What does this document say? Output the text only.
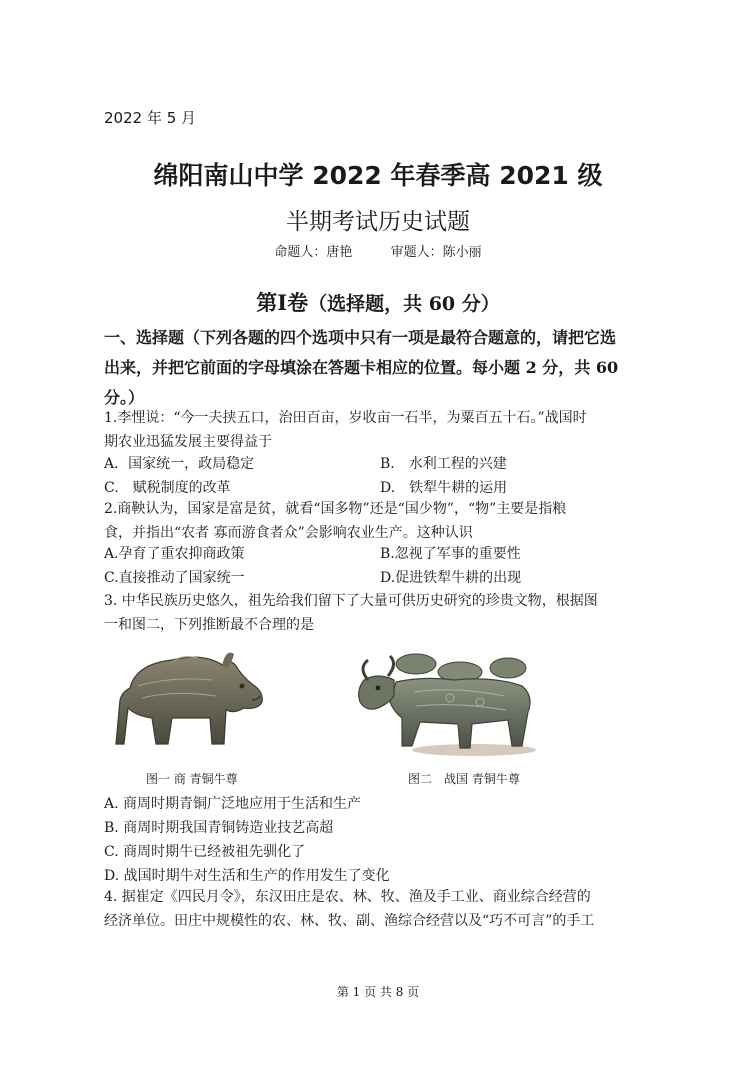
2022 年 5 月
绵阳南山中学 2022 年春季高 2021 级
半期考试历史试题
命题人：唐艳	审题人：陈小丽
第Ⅰ卷（选择题，共 60 分）
一、选择题（下列各题的四个选项中只有一项是最符合题意的，请把它选
出来，并把它前面的字母填涂在答题卡相应的位置。每小题 2 分，共 60
分。）
1.李悝说：“今一夫挟五口，治田百亩，岁收亩一石半，为粟百五十石。”战国时
期农业迅猛发展主要得益于
A．国家统一，政局稳定	B.　水利工程的兴建
C.　赋税制度的改革	D.　铁犁牛耕的运用
2.商鞅认为，国家是富是贫，就看“国多物”还是“国少物”，“物”主要是指粮
食，并指出“农者 寡而游食者众”会影响农业生产。这种认识
A.孕育了重农抑商政策	B.忽视了军事的重要性
C.直接推动了国家统一	D.促进铁犁牛耕的出现
3. 中华民族历史悠久，祖先给我们留下了大量可供历史研究的珍贵文物，根据图
一和图二，下列推断最不合理的是
图一 商 青铜牛尊	图二　战国 青铜牛尊
A. 商周时期青铜广泛地应用于生活和生产
B. 商周时期我国青铜铸造业技艺高超
C. 商周时期牛已经被祖先驯化了
D. 战国时期牛对生活和生产的作用发生了变化
4. 据崔定《四民月令》，东汉田庄是农、林、牧、渔及手工业、商业综合经营的
经济单位。田庄中规模性的农、林、牧、副、渔综合经营以及“巧不可言”的手工
第 1 页 共 8 页
